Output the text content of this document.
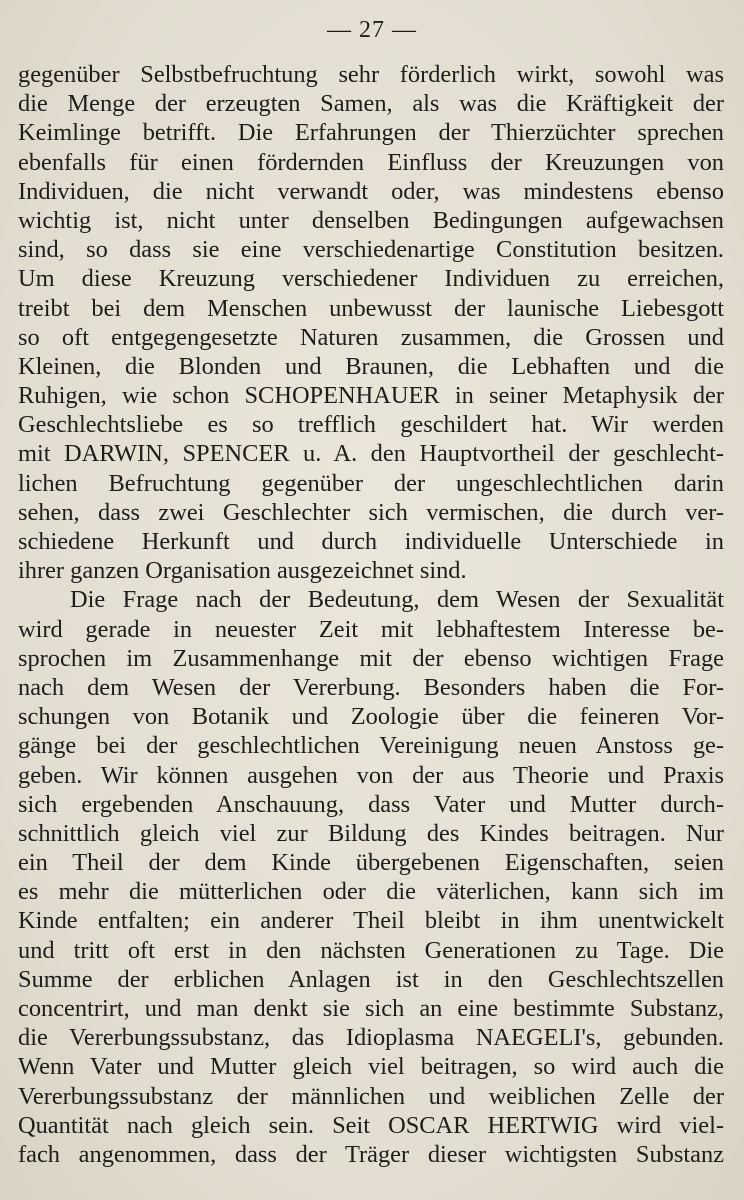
— 27 —
gegenüber Selbstbefruchtung sehr förderlich wirkt, sowohl was
die Menge der erzeugten Samen, als was die Kräftigkeit der
Keimlinge betrifft. Die Erfahrungen der Thierzüchter sprechen
ebenfalls für einen fördernden Einfluss der Kreuzungen von
Individuen, die nicht verwandt oder, was mindestens ebenso
wichtig ist, nicht unter denselben Bedingungen aufgewachsen
sind, so dass sie eine verschiedenartige Constitution besitzen.
Um diese Kreuzung verschiedener Individuen zu erreichen,
treibt bei dem Menschen unbewusst der launische Liebesgott
so oft entgegengesetzte Naturen zusammen, die Grossen und
Kleinen, die Blonden und Braunen, die Lebhaften und die
Ruhigen, wie schon SCHOPENHAUER in seiner Metaphysik der
Geschlechtsliebe es so trefflich geschildert hat. Wir werden
mit DARWIN, SPENCER u. A. den Hauptvortheil der geschlecht-
lichen Befruchtung gegenüber der ungeschlechtlichen darin
sehen, dass zwei Geschlechter sich vermischen, die durch ver-
schiedene Herkunft und durch individuelle Unterschiede in
ihrer ganzen Organisation ausgezeichnet sind.
Die Frage nach der Bedeutung, dem Wesen der Sexualität
wird gerade in neuester Zeit mit lebhaftestem Interesse be-
sprochen im Zusammenhange mit der ebenso wichtigen Frage
nach dem Wesen der Vererbung. Besonders haben die For-
schungen von Botanik und Zoologie über die feineren Vor-
gänge bei der geschlechtlichen Vereinigung neuen Anstoss ge-
geben. Wir können ausgehen von der aus Theorie und Praxis
sich ergebenden Anschauung, dass Vater und Mutter durch-
schnittlich gleich viel zur Bildung des Kindes beitragen. Nur
ein Theil der dem Kinde übergebenen Eigenschaften, seien
es mehr die mütterlichen oder die väterlichen, kann sich im
Kinde entfalten; ein anderer Theil bleibt in ihm unentwickelt
und tritt oft erst in den nächsten Generationen zu Tage. Die
Summe der erblichen Anlagen ist in den Geschlechtszellen
concentrirt, und man denkt sie sich an eine bestimmte Substanz,
die Vererbungssubstanz, das Idioplasma NAEGELI's, gebunden.
Wenn Vater und Mutter gleich viel beitragen, so wird auch die
Vererbungssubstanz der männlichen und weiblichen Zelle der
Quantität nach gleich sein. Seit OSCAR HERTWIG wird viel-
fach angenommen, dass der Träger dieser wichtigsten Substanz
